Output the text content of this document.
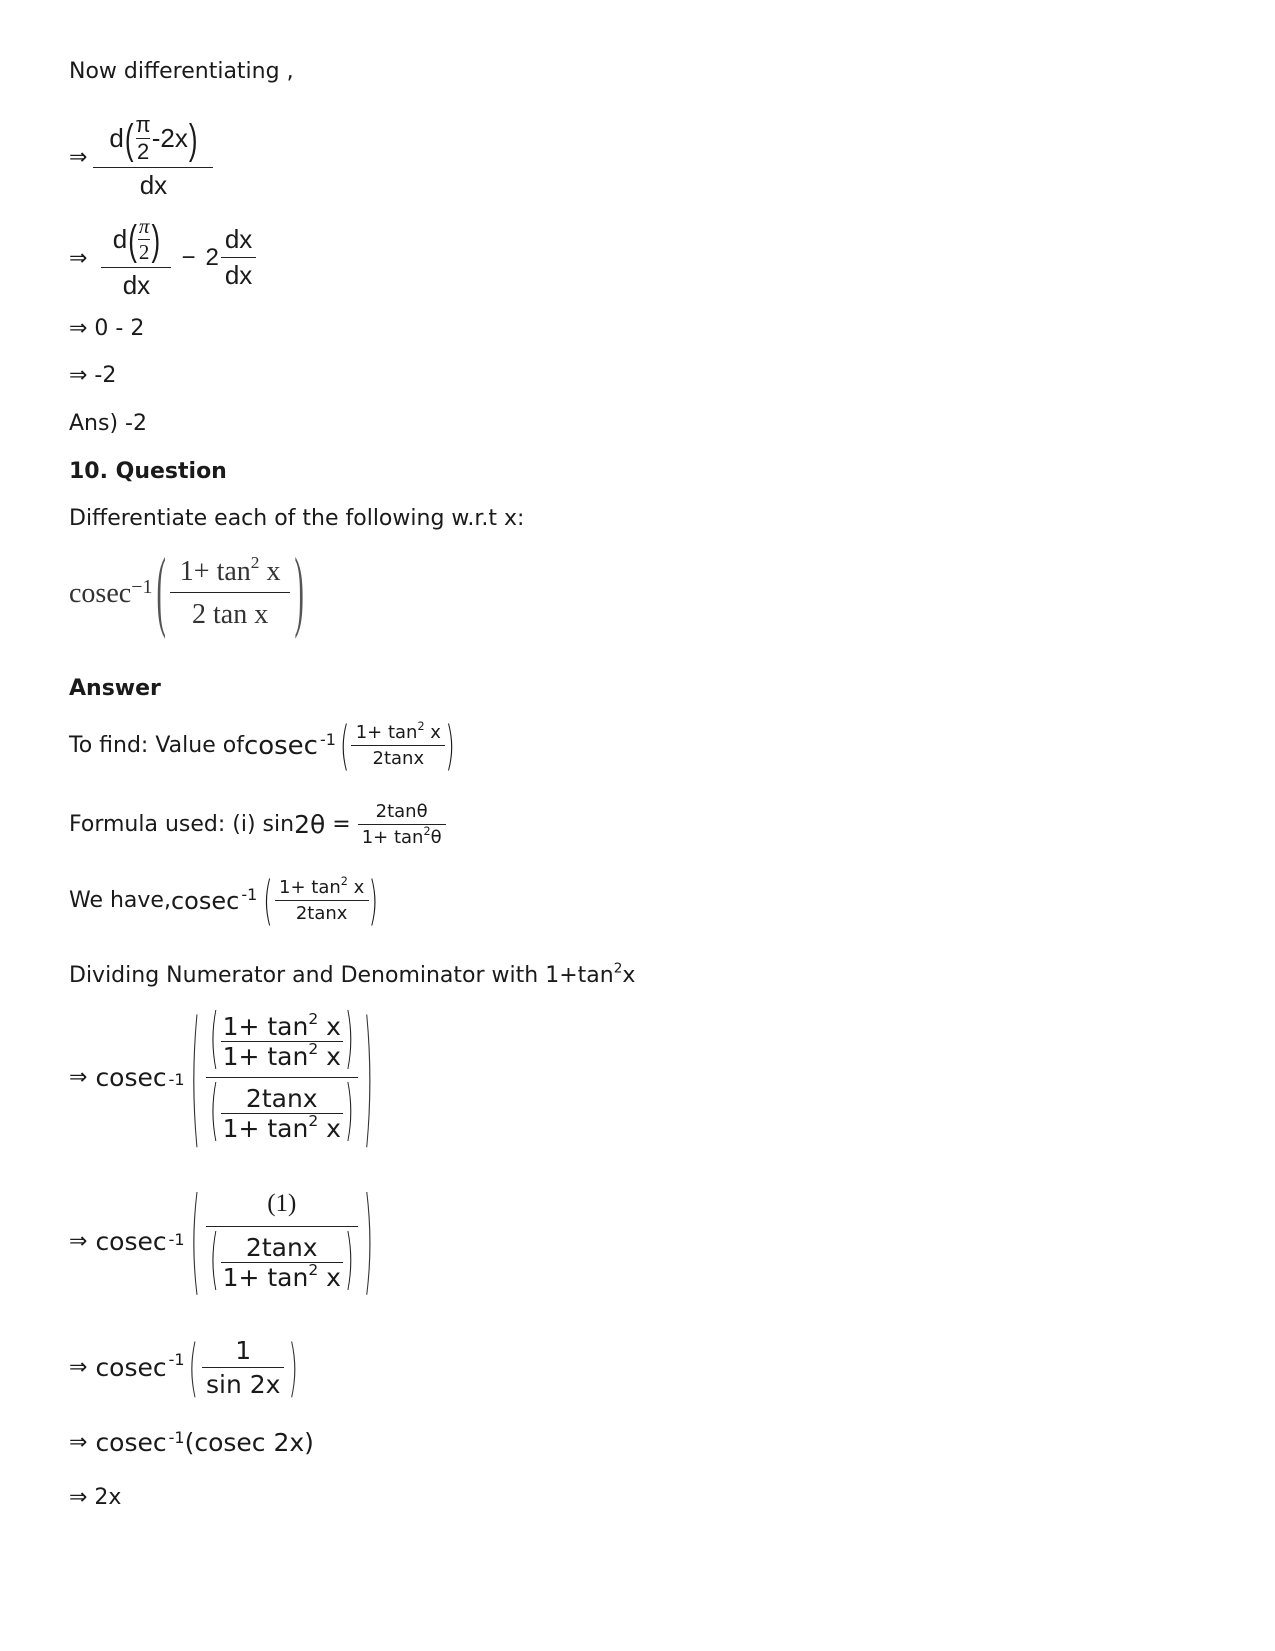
Now differentiating ,
⇒
d ( $\frac{\pi}{2} -2x$ )
dx
⇒ $\frac{d ( \frac{\pi}{2} )}{dx} - 2 \frac{dx}{dx}$
⇒ 0 - 2
⇒ -2
Ans) -2
10. Question
Differentiate each of the following w.r.t x:
cosec −1 ( $\frac{1+ \tan^2 x}{\text{2 tan x}}$ )
Answer
To find: Value of cosec -1 ( $\frac{1+ \tan^2 x}{2\tan x}$ )
Formula used: (i) $\sin 2\theta = \frac{2\tan\theta}{1+ \tan^2\theta}$
We have, cosec -1 ( $\frac{1+ \tan^2 x}{2\tan x}$ )
Dividing Numerator and Denominator with $1+\tan^2x$
⇒ cosec -1 ( $\frac{( \frac{1+ \tan^2 x}{1+ \tan^2 x} )}{( \frac{2\tan x}{1+ \tan^2 x} )}$ )
⇒ cosec -1 ( $\frac{(1)}{( \frac{2\tan x}{1+ \tan^2 x} )}$ )
⇒ cosec -1 ( $\frac{1}{\sin 2x}$ )
⇒ cosec -1 (cosec 2x)
⇒ 2x
